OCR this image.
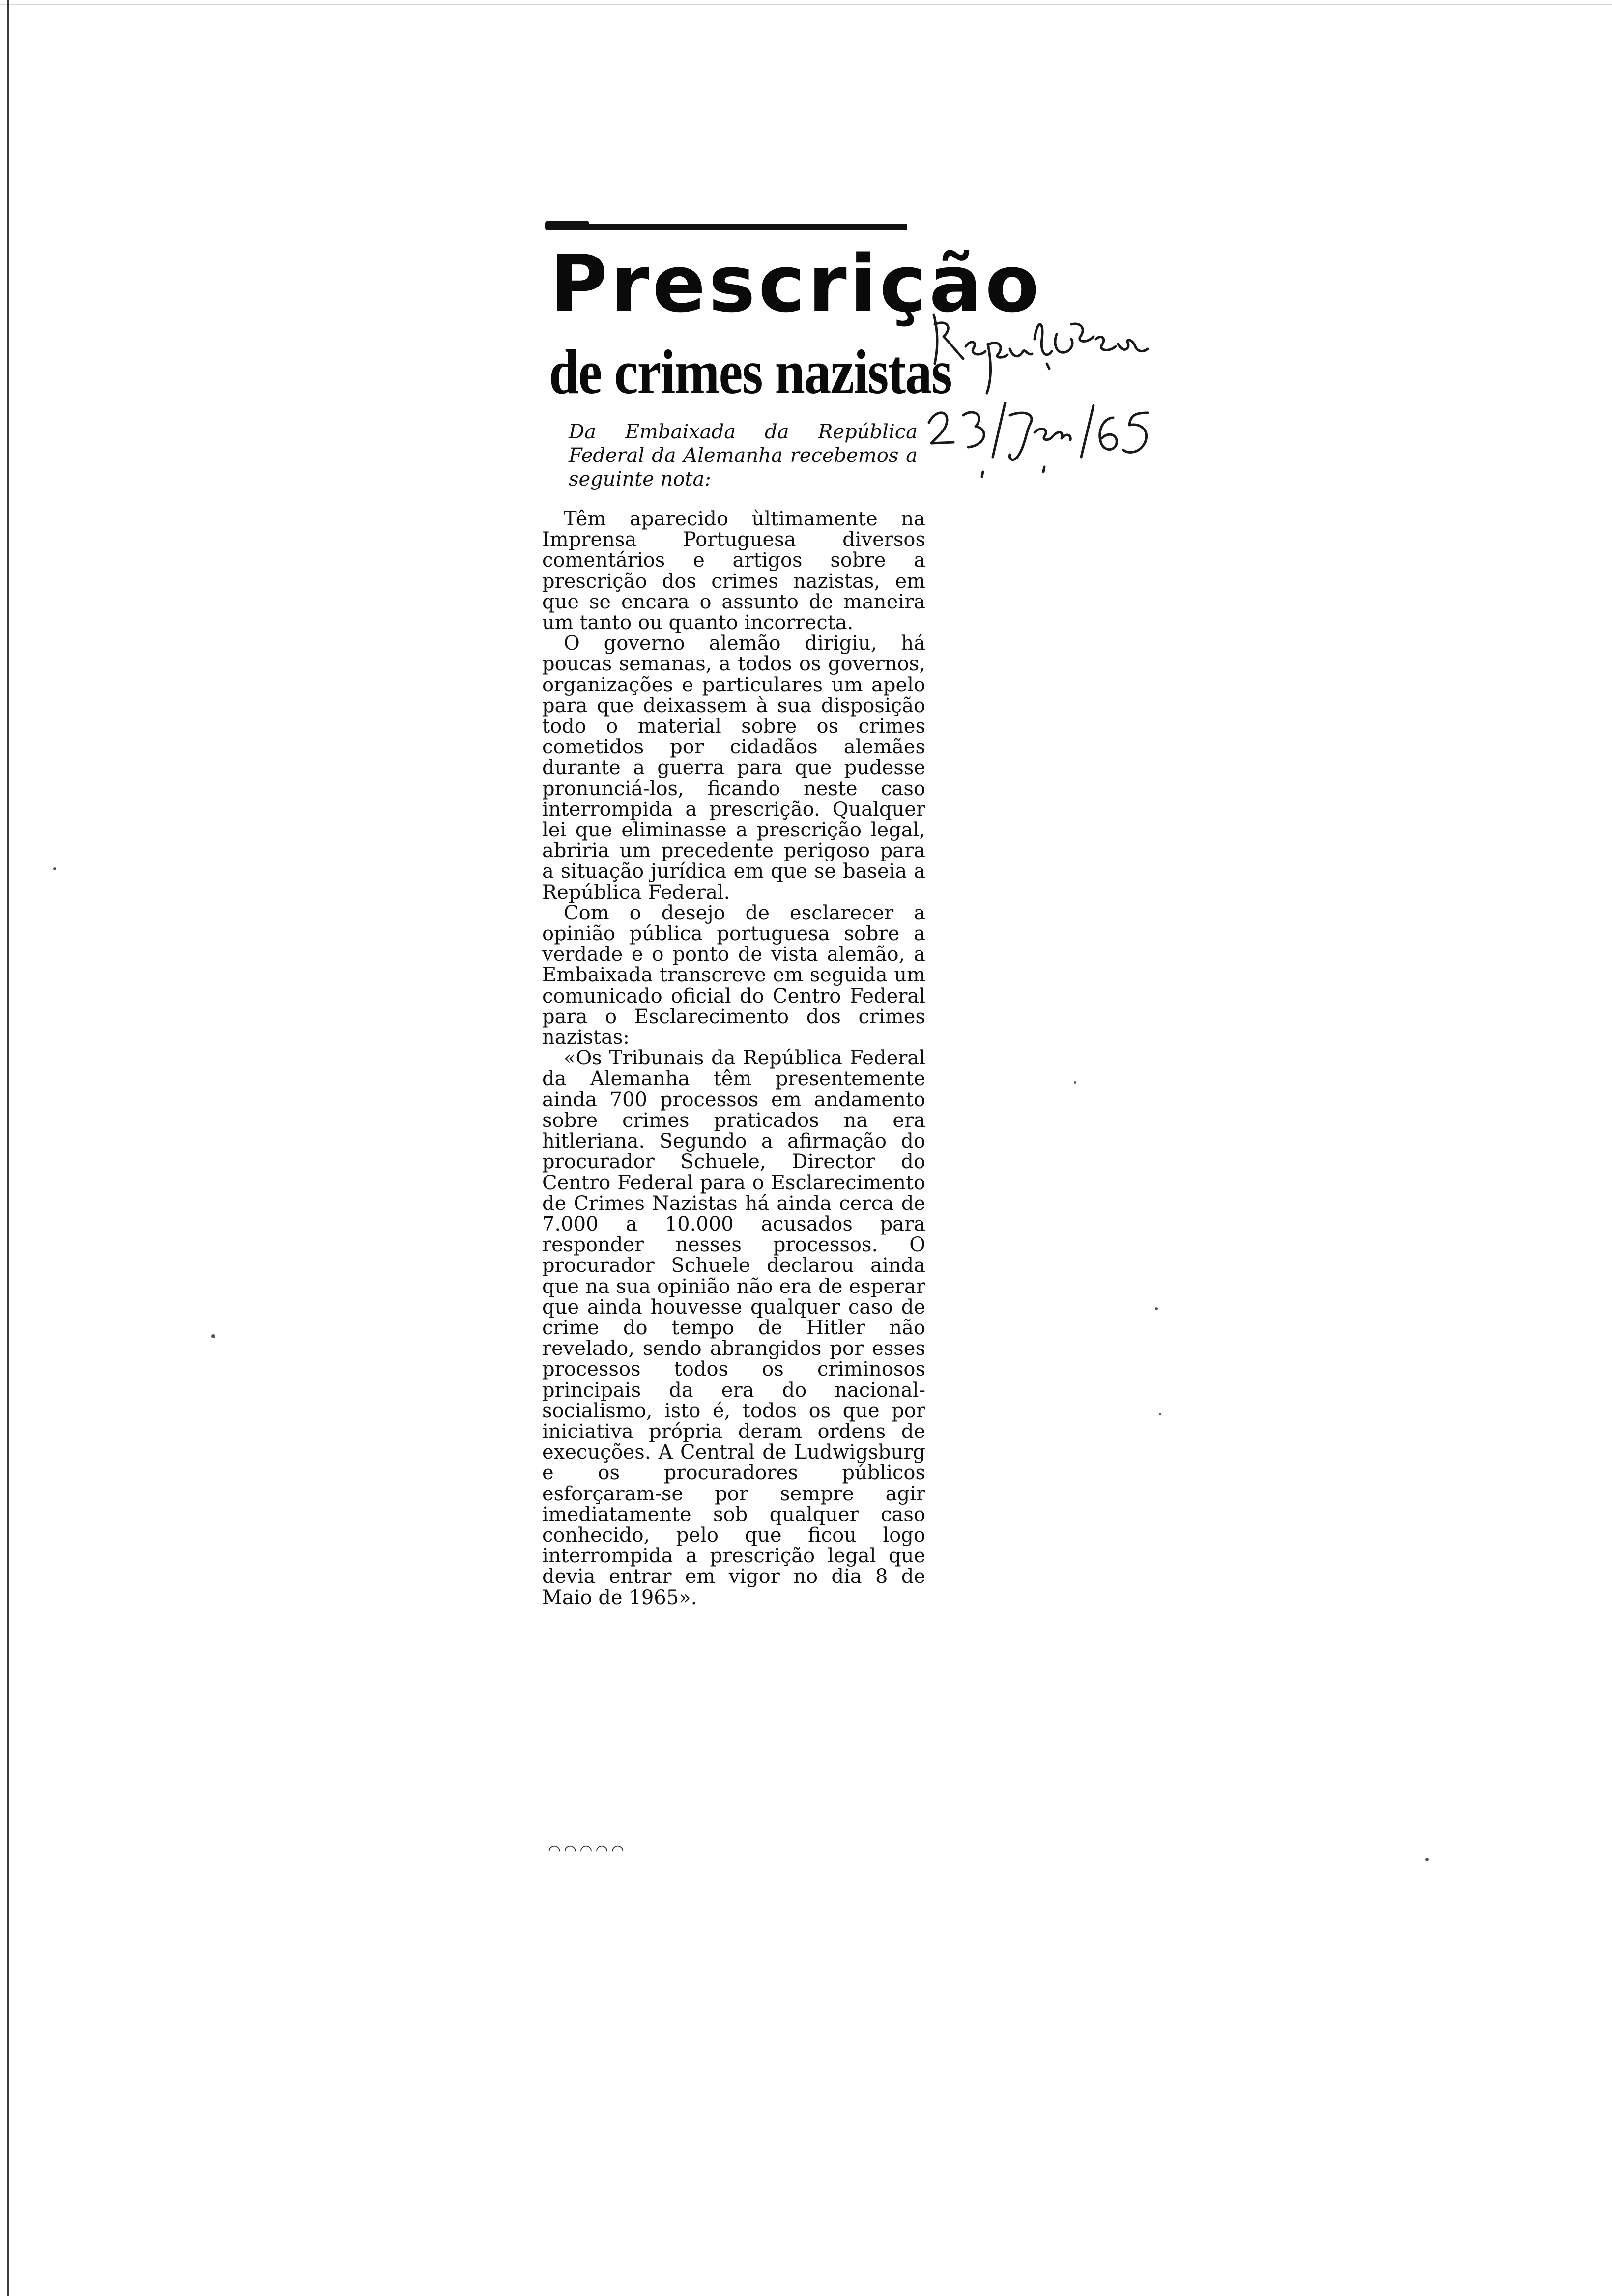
Prescrição
de crimes nazistas
Da Embaixada da República Federal da Alemanha recebemos a seguinte nota:

Têm aparecido ùltimamente na Imprensa Portuguesa diversos comentários e artigos sobre a prescrição dos crimes nazistas, em que se encara o assunto de maneira um tanto ou quanto incorrecta.

O governo alemão dirigiu, há poucas semanas, a todos os governos, organizações e particulares um apelo para que deixassem à sua disposição todo o material sobre os crimes cometidos por cidadãos alemães durante a guerra para que pudesse pronunciá-los, ficando neste caso interrompida a prescrição. Qualquer lei que eliminasse a prescrição legal, abriria um precedente perigoso para a situação jurídica em que se baseia a República Federal.

Com o desejo de esclarecer a opinião pública portuguesa sobre a verdade e o ponto de vista alemão, a Embaixada transcreve em seguida um comunicado oficial do Centro Federal para o Esclarecimento dos crimes nazistas:

«Os Tribunais da República Federal da Alemanha têm presentemente ainda 700 processos em andamento sobre crimes praticados na era hitleriana. Segundo a afirmação do procurador Schuele, Director do Centro Federal para o Esclarecimento de Crimes Nazistas há ainda cerca de 7.000 a 10.000 acusados para responder nesses processos. O procurador Schuele declarou ainda que na sua opinião não era de esperar que ainda houvesse qualquer caso de crime do tempo de Hitler não revelado, sendo abrangidos por esses processos todos os criminosos principais da era do nacional-socialismo, isto é, todos os que por iniciativa própria deram ordens de execuções. A Central de Ludwigsburg e os procuradores públicos esforçaram-se por sempre agir imediatamente sob qualquer caso conhecido, pelo que ficou logo interrompida a prescrição legal que devia entrar em vigor no dia 8 de Maio de 1965».

◠◠◠◠◠
